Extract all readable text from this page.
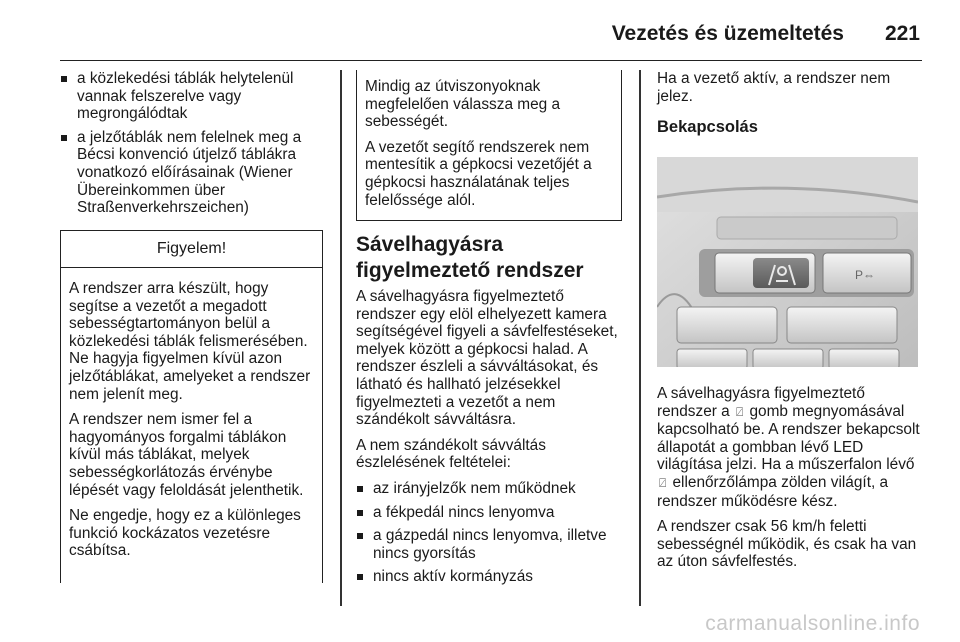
Vezetés és üzemeltetés 221
a közlekedési táblák helytelenül vannak felszerelve vagy megrongálódtak
a jelzőtáblák nem felelnek meg a Bécsi konvenció útjelző táblákra vonatkozó előírásainak (Wiener Übereinkommen über Straßenverkehrszeichen)
Figyelem!

A rendszer arra készült, hogy segítse a vezetőt a megadott sebességtartományon belül a közlekedési táblák felismerésében. Ne hagyja figyelmen kívül azon jelzőtáblákat, amelyeket a rendszer nem jelenít meg.

A rendszer nem ismer fel a hagyományos forgalmi táblákon kívül más táblákat, melyek sebességkorlátozás érvénybe lépését vagy feloldását jelenthetik.

Ne engedje, hogy ez a különleges funkció kockázatos vezetésre csábítsa.

Mindig az útviszonyoknak megfelelően válassza meg a sebességét.

A vezetőt segítő rendszerek nem mentesítik a gépkocsi vezetőjét a gépkocsi használatának teljes felelőssége alól.

Sávelhagyásra figyelmeztető rendszer

A sávelhagyásra figyelmeztető rendszer egy elöl elhelyezett kamera segítségével figyeli a sávfelfestéseket, melyek között a gépkocsi halad. A rendszer észleli a sávváltásokat, és látható és hallható jelzésekkel figyelmezteti a vezetőt a nem szándékolt sávváltásra.

A nem szándékolt sávváltás észlelésének feltételei:

az irányjelzők nem működnek
a fékpedál nincs lenyomva
a gázpedál nincs lenyomva, illetve nincs gyorsítás
nincs aktív kormányzás

Ha a vezető aktív, a rendszer nem jelez.

Bekapcsolás
P⇔

A sávelhagyásra figyelmeztető rendszer a ⍁ gomb megnyomásával kapcsolható be. A rendszer bekapcsolt állapotát a gombban lévő LED világítása jelzi. Ha a műszerfalon lévő ⍁ ellenőrzőlámpa zölden világít, a rendszer működésre kész.

A rendszer csak 56 km/h feletti sebességnél működik, és csak ha van az úton sávfelfestés.

carmanualsonline.info
